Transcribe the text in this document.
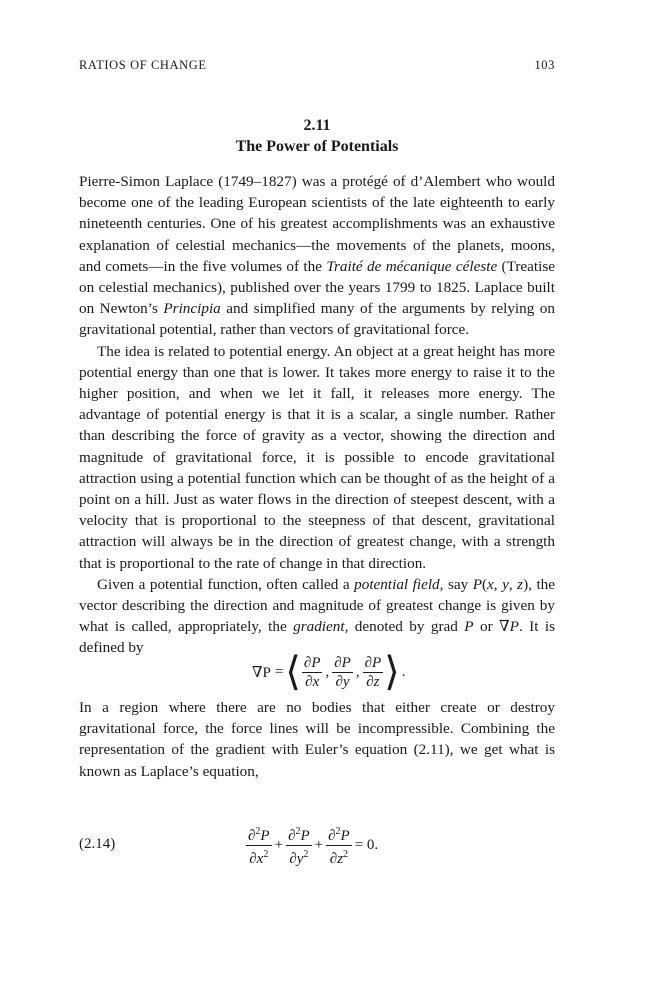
RATIOS OF CHANGE	103
2.11
The Power of Potentials

Pierre-Simon Laplace (1749–1827) was a protégé of d’Alembert who would become one of the leading European scientists of the late eighteenth to early nineteenth centuries. One of his greatest accomplishments was an exhaustive explanation of celestial mechanics—the movements of the planets, moons, and comets—in the five volumes of the Traité de mécanique céleste (Treatise on celestial mechanics), published over the years 1799 to 1825. Laplace built on Newton’s Principia and simplified many of the arguments by relying on gravitational potential, rather than vectors of gravitational force.

The idea is related to potential energy. An object at a great height has more potential energy than one that is lower. It takes more energy to raise it to the higher position, and when we let it fall, it releases more energy. The advantage of potential energy is that it is a scalar, a single number. Rather than describing the force of gravity as a vector, showing the direction and magnitude of gravitational force, it is possible to encode gravitational attraction using a potential function which can be thought of as the height of a point on a hill. Just as water flows in the direction of steepest descent, with a velocity that is proportional to the steepness of that descent, gravitational attraction will always be in the direction of greatest change, with a strength that is proportional to the rate of change in that direction.

Given a potential function, often called a potential field, say P(x, y, z), the vector describing the direction and magnitude of greatest change is given by what is called, appropriately, the gradient, denoted by grad P or ∇P. It is defined by

∇P =⟨ $\frac{\partial P}{\partial x}$ , $\frac{\partial P}{\partial y}$ , $\frac{\partial P}{\partial z}$ ⟩ .

In a region where there are no bodies that either create or destroy gravitational force, the force lines will be incompressible. Combining the representation of the gradient with Euler’s equation (2.11), we get what is known as Laplace’s equation,

(2.14)	$\frac{\partial^2P}{\partial x^2} + \frac{\partial^2P}{\partial y^2} + \frac{\partial^2P}{\partial z^2} = 0$.
